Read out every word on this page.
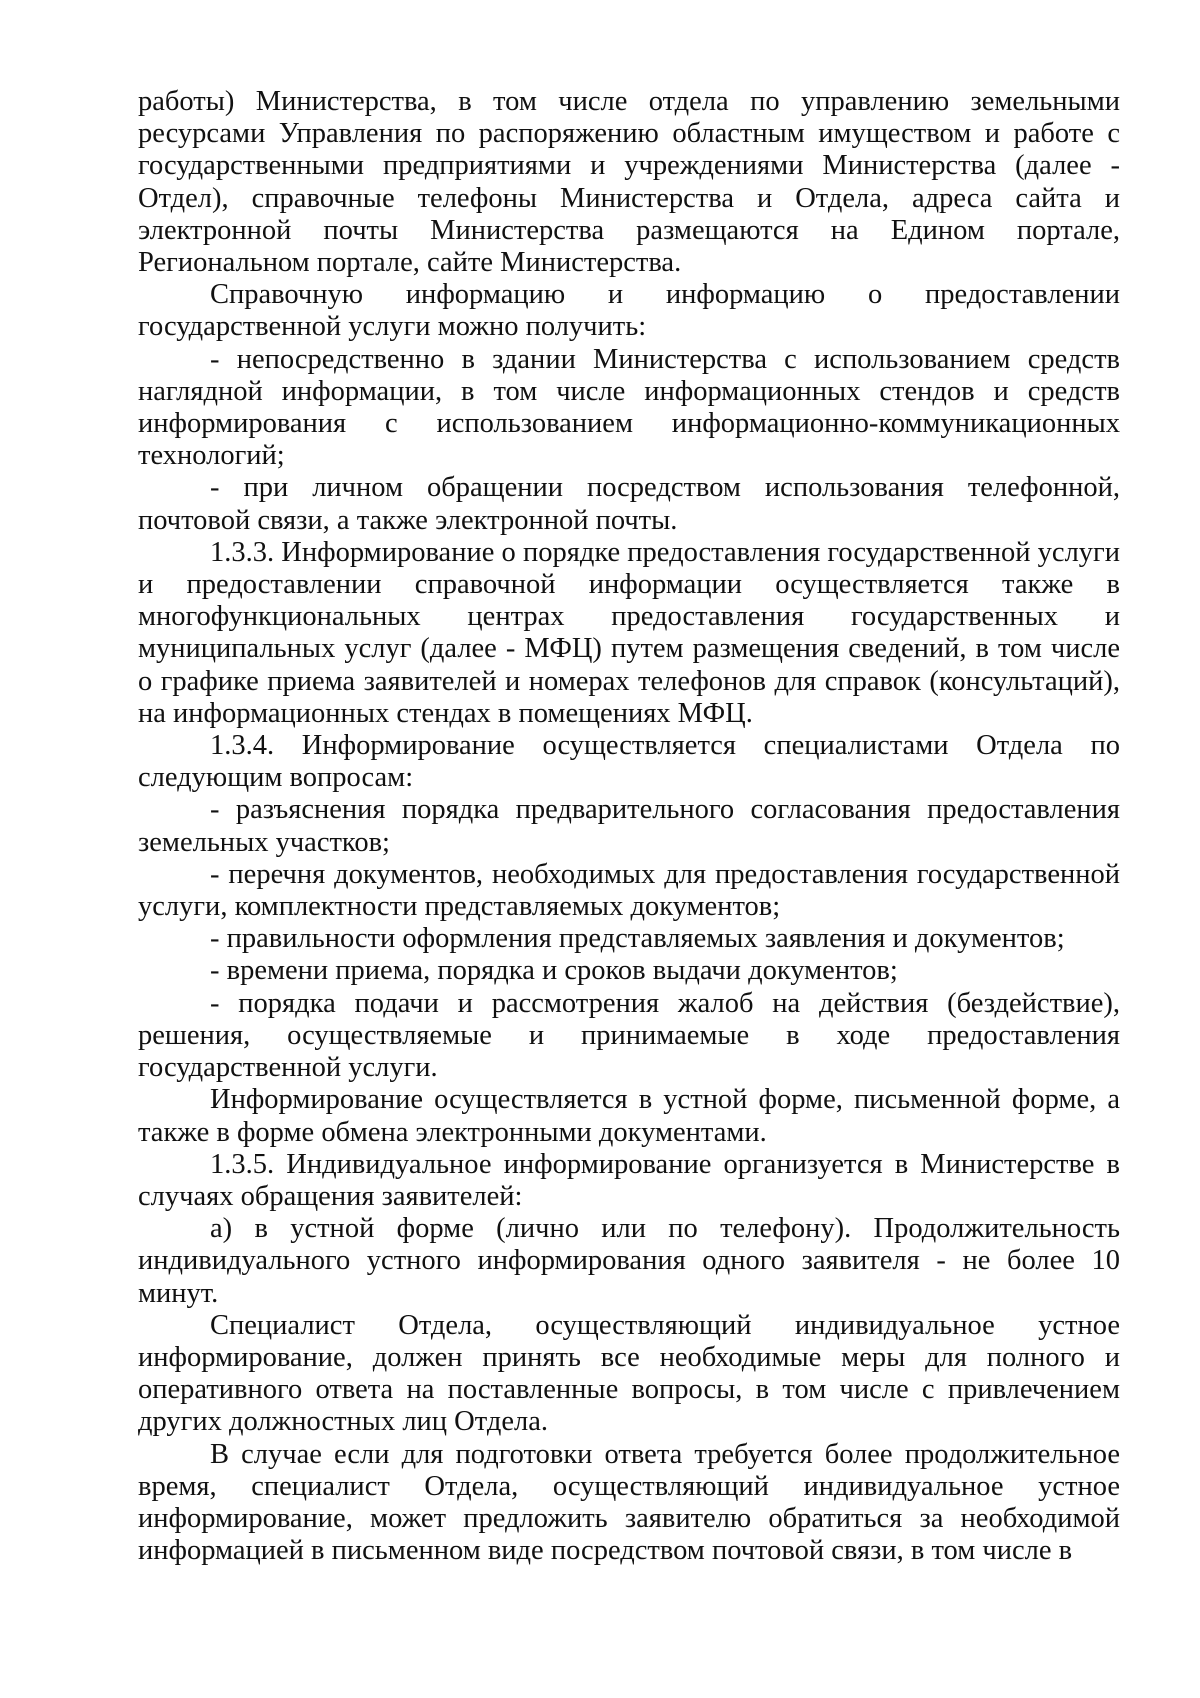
работы) Министерства, в том числе отдела по управлению земельными ресурсами Управления по распоряжению областным имуществом и работе с государственными предприятиями и учреждениями Министерства (далее - Отдел), справочные телефоны Министерства и Отдела, адреса сайта и электронной почты Министерства размещаются на Едином портале, Региональном портале, сайте Министерства.

Справочную информацию и информацию о предоставлении государственной услуги можно получить:

- непосредственно в здании Министерства с использованием средств наглядной информации, в том числе информационных стендов и средств информирования с использованием информационно-коммуникационных технологий;

- при личном обращении посредством использования телефонной, почтовой связи, а также электронной почты.

1.3.3. Информирование о порядке предоставления государственной услуги и предоставлении справочной информации осуществляется также в многофункциональных центрах предоставления государственных и муниципальных услуг (далее - МФЦ) путем размещения сведений, в том числе о графике приема заявителей и номерах телефонов для справок (консультаций), на информационных стендах в помещениях МФЦ.

1.3.4. Информирование осуществляется специалистами Отдела по следующим вопросам:

- разъяснения порядка предварительного согласования предоставления земельных участков;

- перечня документов, необходимых для предоставления государственной услуги, комплектности представляемых документов;

- правильности оформления представляемых заявления и документов;

- времени приема, порядка и сроков выдачи документов;

- порядка подачи и рассмотрения жалоб на действия (бездействие), решения, осуществляемые и принимаемые в ходе предоставления государственной услуги.

Информирование осуществляется в устной форме, письменной форме, а также в форме обмена электронными документами.

1.3.5. Индивидуальное информирование организуется в Министерстве в случаях обращения заявителей:

а) в устной форме (лично или по телефону). Продолжительность индивидуального устного информирования одного заявителя - не более 10 минут.

Специалист Отдела, осуществляющий индивидуальное устное информирование, должен принять все необходимые меры для полного и оперативного ответа на поставленные вопросы, в том числе с привлечением других должностных лиц Отдела.

В случае если для подготовки ответа требуется более продолжительное время, специалист Отдела, осуществляющий индивидуальное устное информирование, может предложить заявителю обратиться за необходимой информацией в письменном виде посредством почтовой связи, в том числе в
